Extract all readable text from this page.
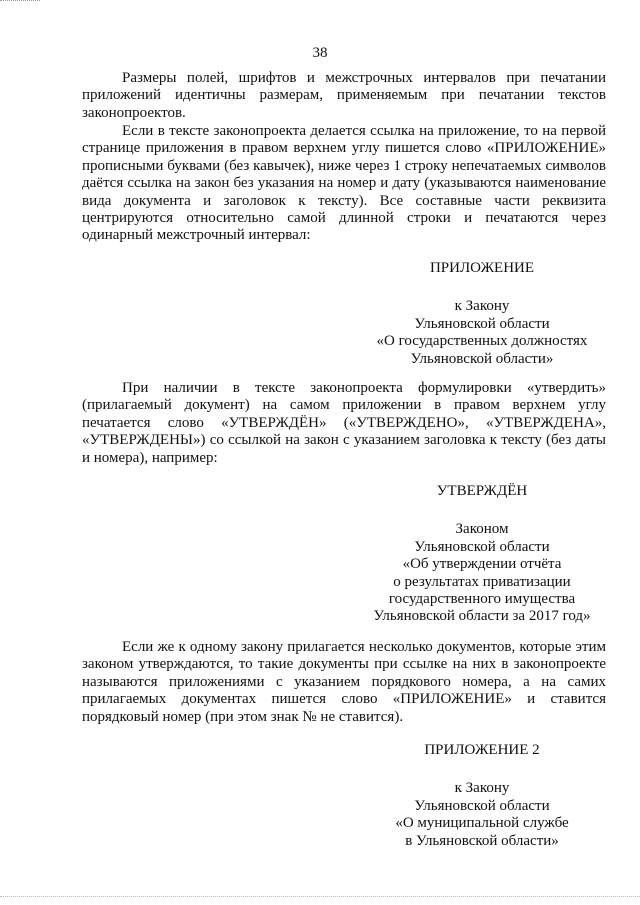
38

Размеры полей, шрифтов и межстрочных интервалов при печатании приложений идентичны размерам, применяемым при печатании текстов законопроектов.

Если в тексте законопроекта делается ссылка на приложение, то на первой странице приложения в правом верхнем углу пишется слово «ПРИЛОЖЕНИЕ» прописными буквами (без кавычек), ниже через 1 строку непечатаемых символов даётся ссылка на закон без указания на номер и дату (указываются наименование вида документа и заголовок к тексту). Все составные части реквизита центрируются относительно самой длинной строки и печатаются через одинарный межстрочный интервал:

ПРИЛОЖЕНИЕ
к Закону
Ульяновской области
«О государственных должностях
Ульяновской области»

При наличии в тексте законопроекта формулировки «утвердить» (прилагаемый документ) на самом приложении в правом верхнем углу печатается слово «УТВЕРЖДЁН» («УТВЕРЖДЕНО», «УТВЕРЖДЕНА», «УТВЕРЖДЕНЫ») со ссылкой на закон с указанием заголовка к тексту (без даты и номера), например:

УТВЕРЖДЁН
Законом
Ульяновской области
«Об утверждении отчёта
о результатах приватизации
государственного имущества
Ульяновской области за 2017 год»

Если же к одному закону прилагается несколько документов, которые этим законом утверждаются, то такие документы при ссылке на них в законопроекте называются приложениями с указанием порядкового номера, а на самих прилагаемых документах пишется слово «ПРИЛОЖЕНИЕ» и ставится порядковый номер (при этом знак № не ставится).

ПРИЛОЖЕНИЕ 2
к Закону
Ульяновской области
«О муниципальной службе
в Ульяновской области»
